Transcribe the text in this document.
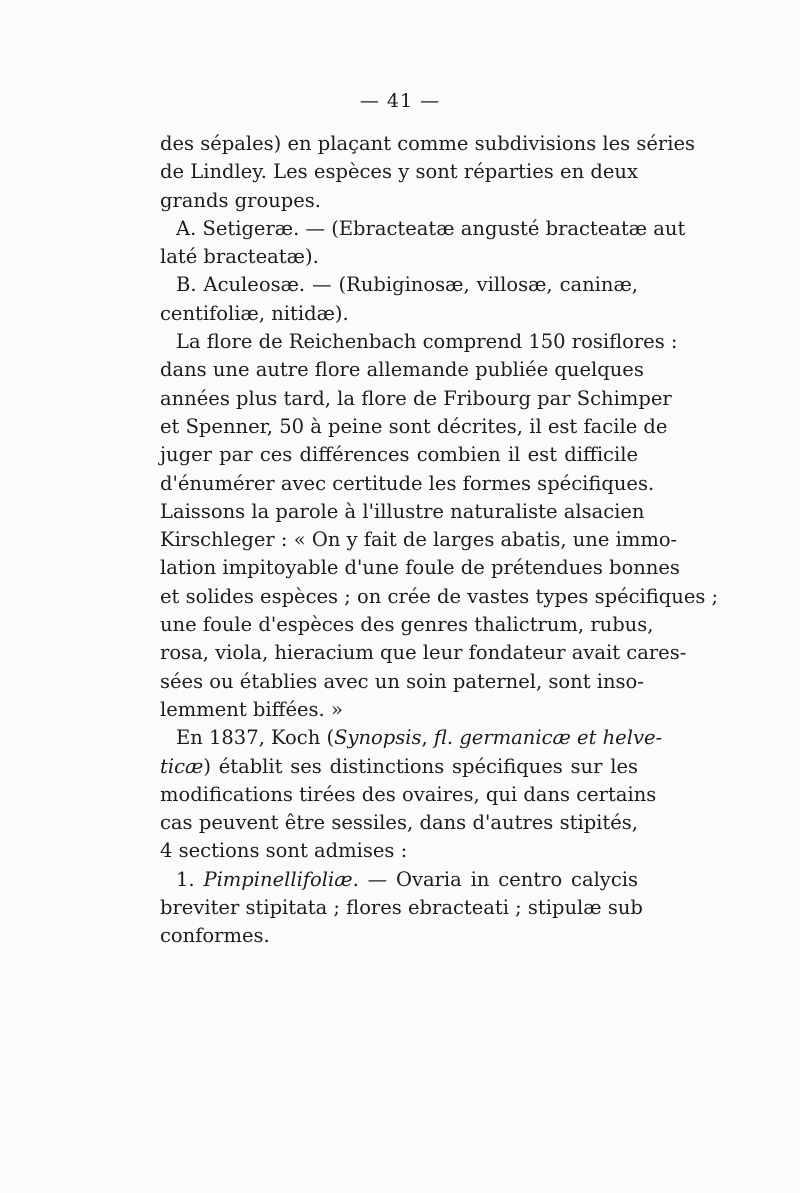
— 41 —
des sépales) en plaçant comme subdivisions les séries
de Lindley. Les espèces y sont réparties en deux
grands groupes.
A. Setigeræ. — (Ebracteatæ angusté bracteatæ aut
laté bracteatæ).
B. Aculeosæ. — (Rubiginosæ, villosæ, caninæ,
centifoliæ, nitidæ).
La flore de Reichenbach comprend 150 rosiflores :
dans une autre flore allemande publiée quelques
années plus tard, la flore de Fribourg par Schimper
et Spenner, 50 à peine sont décrites, il est facile de
juger par ces différences combien il est difficile
d'énumérer avec certitude les formes spécifiques.
Laissons la parole à l'illustre naturaliste alsacien
Kirschleger : « On y fait de larges abatis, une immo-
lation impitoyable d'une foule de prétendues bonnes
et solides espèces ; on crée de vastes types spécifiques ;
une foule d'espèces des genres thalictrum, rubus,
rosa, viola, hieracium que leur fondateur avait cares-
sées ou établies avec un soin paternel, sont inso-
lemment biffées. »
En 1837, Koch (Synopsis, fl. germanicæ et helve-
ticæ) établit ses distinctions spécifiques sur les
modifications tirées des ovaires, qui dans certains
cas peuvent être sessiles, dans d'autres stipités,
4 sections sont admises :
1. Pimpinellifoliæ. — Ovaria in centro calycis
breviter stipitata ; flores ebracteati ; stipulæ sub
conformes.
